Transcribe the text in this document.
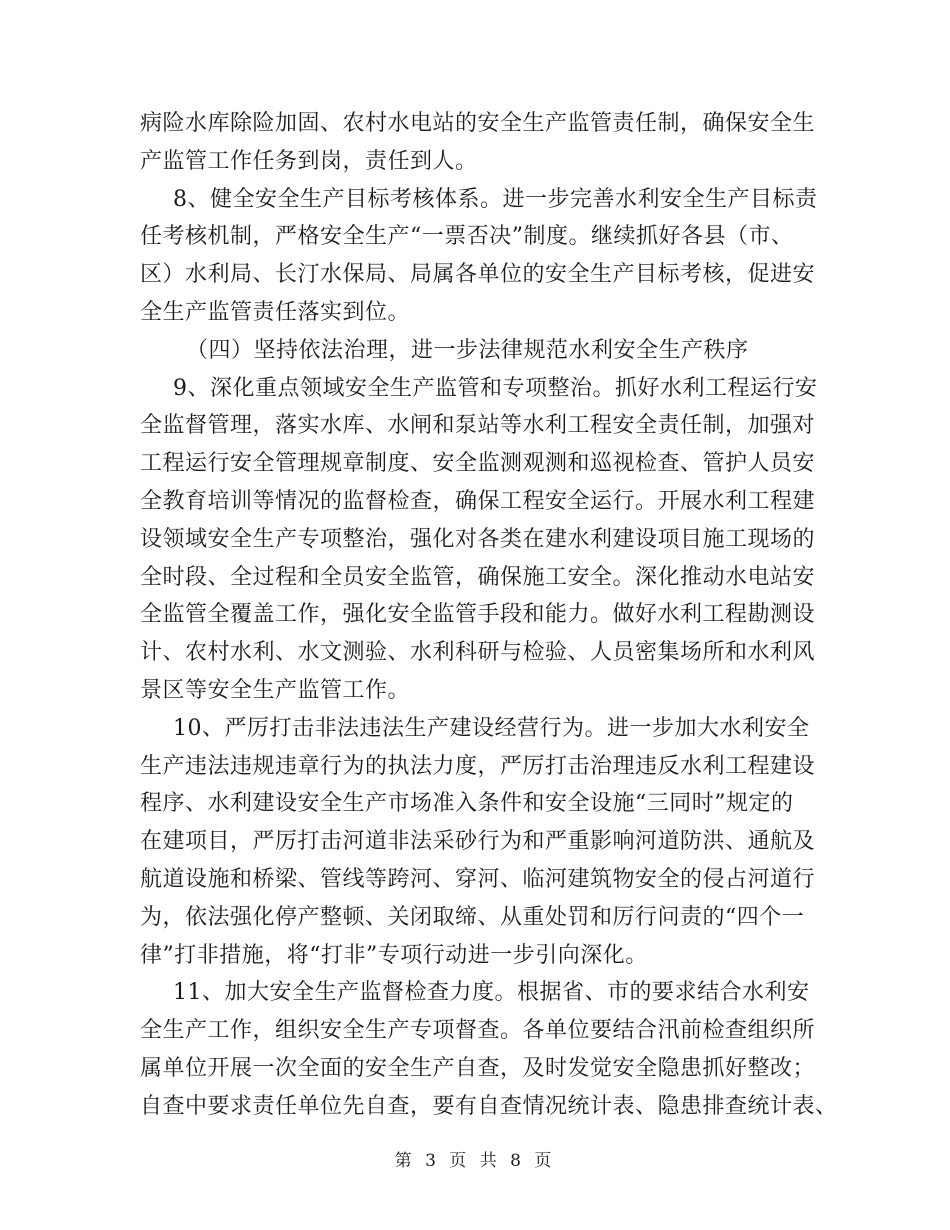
病险水库除险加固、农村水电站的安全生产监管责任制，确保安全生
产监管工作任务到岗，责任到人。
8、健全安全生产目标考核体系。进一步完善水利安全生产目标责
任考核机制，严格安全生产“一票否决”制度。继续抓好各县（市、
区）水利局、长汀水保局、局属各单位的安全生产目标考核，促进安
全生产监管责任落实到位。
（四）坚持依法治理，进一步法律规范水利安全生产秩序
9、深化重点领域安全生产监管和专项整治。抓好水利工程运行安
全监督管理，落实水库、水闸和泵站等水利工程安全责任制，加强对
工程运行安全管理规章制度、安全监测观测和巡视检查、管护人员安
全教育培训等情况的监督检查，确保工程安全运行。开展水利工程建
设领域安全生产专项整治，强化对各类在建水利建设项目施工现场的
全时段、全过程和全员安全监管，确保施工安全。深化推动水电站安
全监管全覆盖工作，强化安全监管手段和能力。做好水利工程勘测设
计、农村水利、水文测验、水利科研与检验、人员密集场所和水利风
景区等安全生产监管工作。
10、严厉打击非法违法生产建设经营行为。进一步加大水利安全
生产违法违规违章行为的执法力度，严厉打击治理违反水利工程建设
程序、水利建设安全生产市场准入条件和安全设施“三同时”规定的
在建项目，严厉打击河道非法采砂行为和严重影响河道防洪、通航及
航道设施和桥梁、管线等跨河、穿河、临河建筑物安全的侵占河道行
为，依法强化停产整顿、关闭取缔、从重处罚和厉行问责的“四个一
律”打非措施，将“打非”专项行动进一步引向深化。
11、加大安全生产监督检查力度。根据省、市的要求结合水利安
全生产工作，组织安全生产专项督查。各单位要结合汛前检查组织所
属单位开展一次全面的安全生产自查，及时发觉安全隐患抓好整改；
自查中要求责任单位先自查，要有自查情况统计表、隐患排查统计表、
第 3 页 共 8 页
